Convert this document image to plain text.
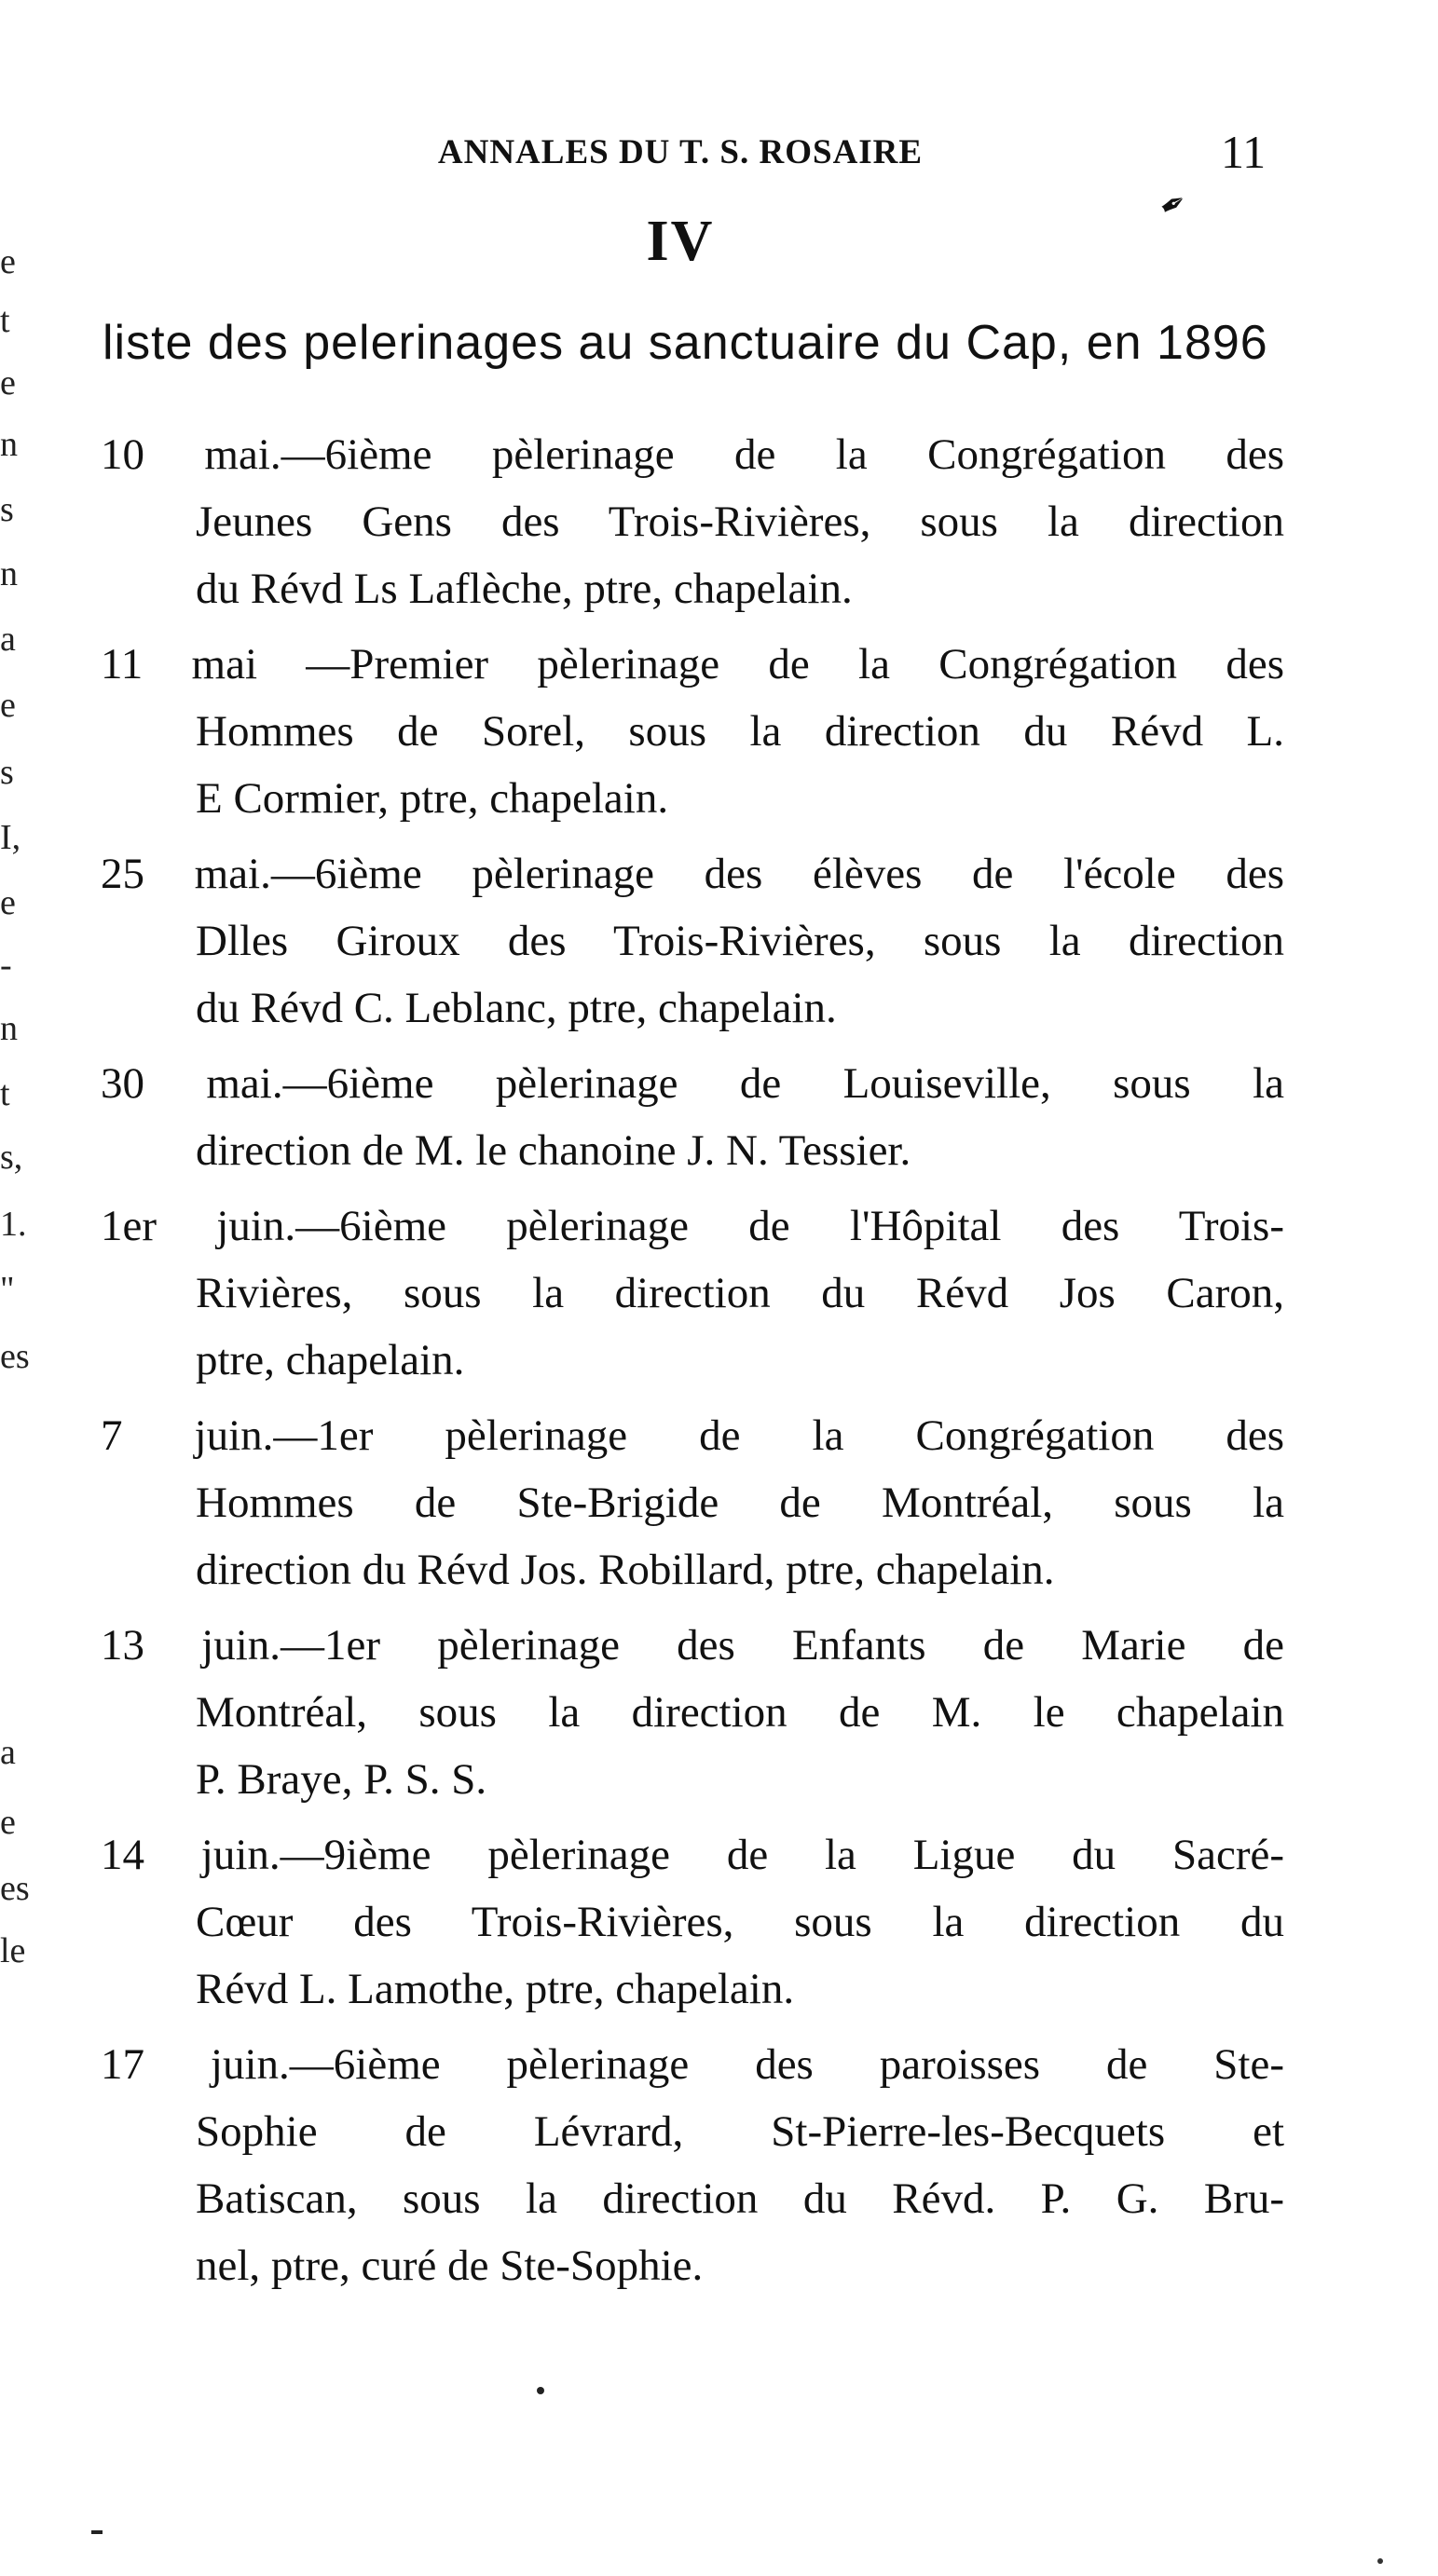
e
t
e
n
s
n
a
e
s
I,
e
-
n
t
s,
1.
"
es
a
e
es
le
ANNALES DU T. S. ROSAIRE	11
✒
IV
liste des pelerinages au sanctuaire du Cap, en 1896
10 mai.—6ième pèlerinage de la Congrégation des
Jeunes Gens des Trois-Rivières, sous la direction
du Révd Ls Laflèche, ptre, chapelain.
11 mai —Premier pèlerinage de la Congrégation des
Hommes de Sorel, sous la direction du Révd L.
E Cormier, ptre, chapelain.
25 mai.—6ième pèlerinage des élèves de l'école des
Dlles Giroux des Trois-Rivières, sous la direction
du Révd C. Leblanc, ptre, chapelain.
30 mai.—6ième pèlerinage de Louiseville, sous la
direction de M. le chanoine J. N. Tessier.
1er juin.—6ième pèlerinage de l'Hôpital des Trois-
Rivières, sous la direction du Révd Jos Caron,
ptre, chapelain.
7 juin.—1er pèlerinage de la Congrégation des
Hommes de Ste-Brigide de Montréal, sous la
direction du Révd Jos. Robillard, ptre, chapelain.
13 juin.—1er pèlerinage des Enfants de Marie de
Montréal, sous la direction de M. le chapelain
P. Braye, P. S. S.
14 juin.—9ième pèlerinage de la Ligue du Sacré-
Cœur des Trois-Rivières, sous la direction du
Révd L. Lamothe, ptre, chapelain.
17 juin.—6ième pèlerinage des paroisses de Ste-
Sophie de Lévrard, St-Pierre-les-Becquets et
Batiscan, sous la direction du Révd. P. G. Bru-
nel, ptre, curé de Ste-Sophie.
